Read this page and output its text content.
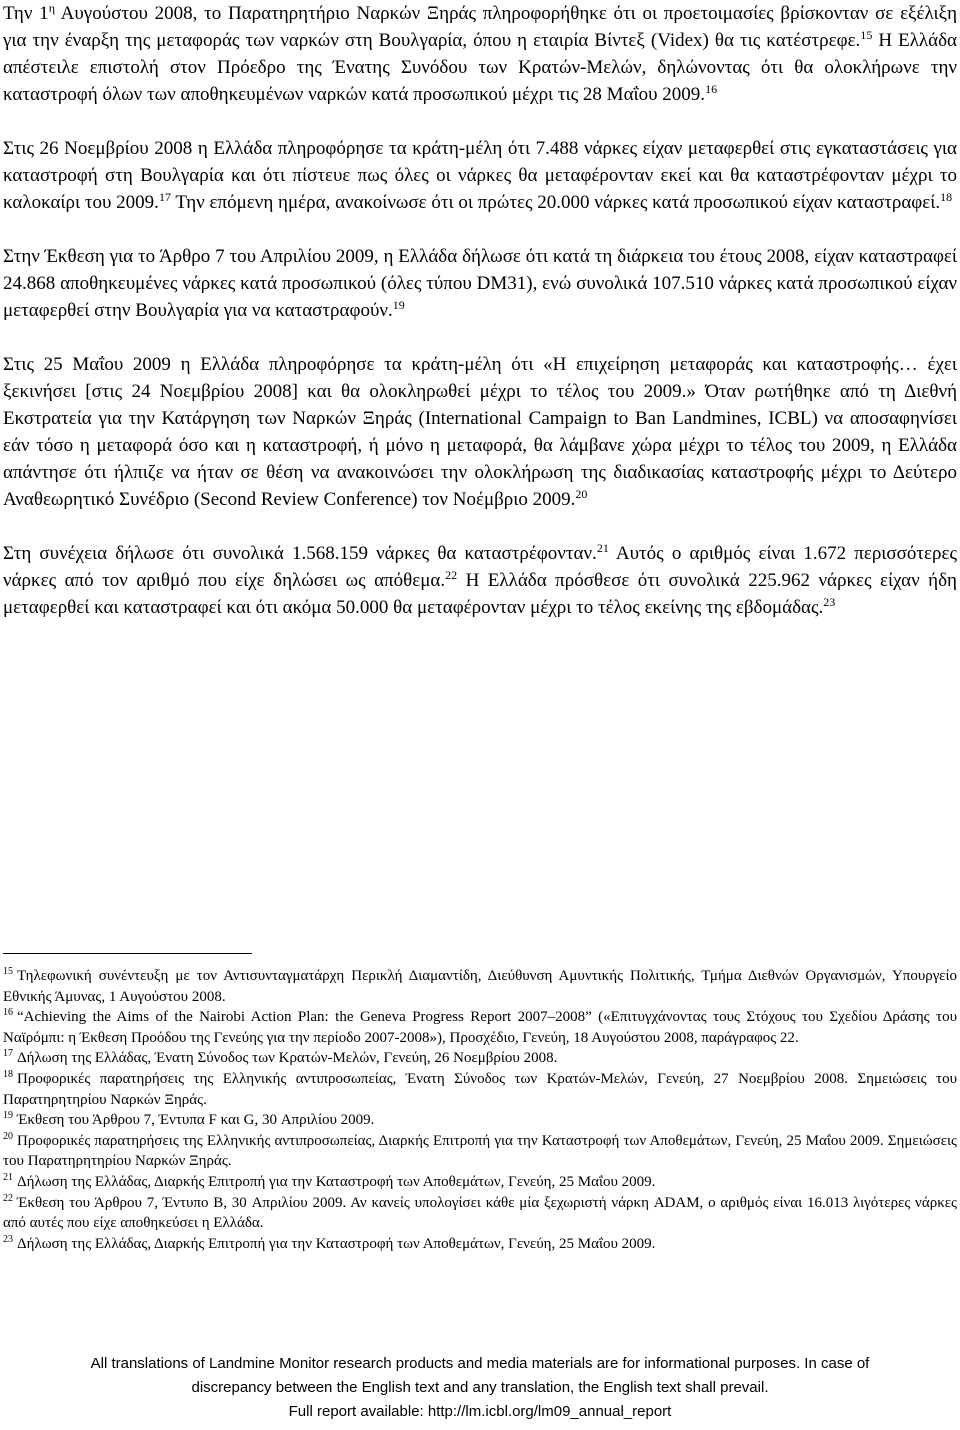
Την $1^\eta$ Αυγούστου 2008, το Παρατηρητήριο Ναρκών Ξηράς πληροφορήθηκε ότι οι προετοιμασίες βρίσκονταν σε εξέλιξη για την έναρξη της μεταφοράς των ναρκών στη Βουλγαρία, όπου η εταιρία Βίντεξ (Videx) θα τις κατέστρεφε.$^{15}$ Η Ελλάδα απέστειλε επιστολή στον Πρόεδρο της Ένατης Συνόδου των Κρατών-Μελών, δηλώνοντας ότι θα ολοκλήρωνε την καταστροφή όλων των αποθηκευμένων ναρκών κατά προσωπικού μέχρι τις 28 Μαΐου 2009.16

Στις 26 Νοεμβρίου 2008 η Ελλάδα πληροφόρησε τα κράτη-μέλη ότι 7.488 νάρκες είχαν μεταφερθεί στις εγκαταστάσεις για καταστροφή στη Βουλγαρία και ότι πίστευε πως όλες οι νάρκες θα μεταφέρονταν εκεί και θα καταστρέφονταν μέχρι το καλοκαίρι του 2009.17 Την επόμενη ημέρα, ανακοίνωσε ότι οι πρώτες 20.000 νάρκες κατά προσωπικού είχαν καταστραφεί.$^{18}$

Στην Έκθεση για το Άρθρο 7 του Απριλίου 2009, η Ελλάδα δήλωσε ότι κατά τη διάρκεια του έτους 2008, είχαν καταστραφεί 24.868 αποθηκευμένες νάρκες κατά προσωπικού (όλες τύπου DM31), ενώ συνολικά 107.510 νάρκες κατά προσωπικού είχαν μεταφερθεί στην Βουλγαρία για να καταστραφούν.$^{19}$

Στις 25 Μαΐου 2009 η Ελλάδα πληροφόρησε τα κράτη-μέλη ότι «Η επιχείρηση μεταφοράς και καταστροφής… έχει ξεκινήσει [στις 24 Νοεμβρίου 2008] και θα ολοκληρωθεί μέχρι το τέλος του 2009.» Όταν ρωτήθηκε από τη Διεθνή Εκστρατεία για την Κατάργηση των Ναρκών Ξηράς (International Campaign to Ban Landmines, ICBL) να αποσαφηνίσει εάν τόσο η μεταφορά όσο και η καταστροφή, ή μόνο η μεταφορά, θα λάμβανε χώρα μέχρι το τέλος του 2009, η Ελλάδα απάντησε ότι ήλπιζε να ήταν σε θέση να ανακοινώσει την ολοκλήρωση της διαδικασίας καταστροφής μέχρι το Δεύτερο Αναθεωρητικό Συνέδριο (Second Review Conference) τον Νοέμβριο 2009.20

Στη συνέχεια δήλωσε ότι συνολικά 1.568.159 νάρκες θα καταστρέφονταν.$^{21}$ Αυτός ο αριθμός είναι 1.672 περισσότερες νάρκες από τον αριθμό που είχε δηλώσει ως απόθεμα.$^{22}$ Η Ελλάδα πρόσθεσε ότι συνολικά 225.962 νάρκες είχαν ήδη μεταφερθεί και καταστραφεί και ότι ακόμα 50.000 θα μεταφέρονταν μέχρι το τέλος εκείνης της εβδομάδας.$^{23}$

$^{15}$ Τηλεφωνική συνέντευξη με τον Αντισυνταγματάρχη Περικλή Διαμαντίδη, Διεύθυνση Αμυντικής Πολιτικής, Τμήμα Διεθνών Οργανισμών, Υπουργείο Εθνικής Άμυνας, 1 Αυγούστου 2008.

$^{16}$ “Achieving the Aims of the Nairobi Action Plan: the Geneva Progress Report 2007–2008” («Επιτυγχάνοντας τους Στόχους του Σχεδίου Δράσης του Ναϊρόμπι: η Έκθεση Προόδου της Γενεύης για την περίοδο 2007-2008»), Προσχέδιο, Γενεύη, 18 Αυγούστου 2008, παράγραφος 22.

$^{17}$ Δήλωση της Ελλάδας, Ένατη Σύνοδος των Κρατών-Μελών, Γενεύη, 26 Νοεμβρίου 2008.

$^{18}$ Προφορικές παρατηρήσεις της Ελληνικής αντιπροσωπείας, Ένατη Σύνοδος των Κρατών-Μελών, Γενεύη, 27 Νοεμβρίου 2008. Σημειώσεις του Παρατηρητηρίου Ναρκών Ξηράς.

$^{19}$ Έκθεση του Άρθρου 7, Έντυπα F και G, 30 Απριλίου 2009.

$^{20}$ Προφορικές παρατηρήσεις της Ελληνικής αντιπροσωπείας, Διαρκής Επιτροπή για την Καταστροφή των Αποθεμάτων, Γενεύη, 25 Μαΐου 2009. Σημειώσεις του Παρατηρητηρίου Ναρκών Ξηράς.

$^{21}$ Δήλωση της Ελλάδας, Διαρκής Επιτροπή για την Καταστροφή των Αποθεμάτων, Γενεύη, 25 Μαΐου 2009.

$^{22}$ Έκθεση του Άρθρου 7, Έντυπο B, 30 Απριλίου 2009. Αν κανείς υπολογίσει κάθε μία ξεχωριστή νάρκη ADAM, ο αριθμός είναι 16.013 λιγότερες νάρκες από αυτές που είχε αποθηκεύσει η Ελλάδα.

$^{23}$ Δήλωση της Ελλάδας, Διαρκής Επιτροπή για την Καταστροφή των Αποθεμάτων, Γενεύη, 25 Μαΐου 2009.

All translations of Landmine Monitor research products and media materials are for informational purposes. In case of
discrepancy between the English text and any translation, the English text shall prevail.
Full report available: http://lm.icbl.org/lm09_annual_report
